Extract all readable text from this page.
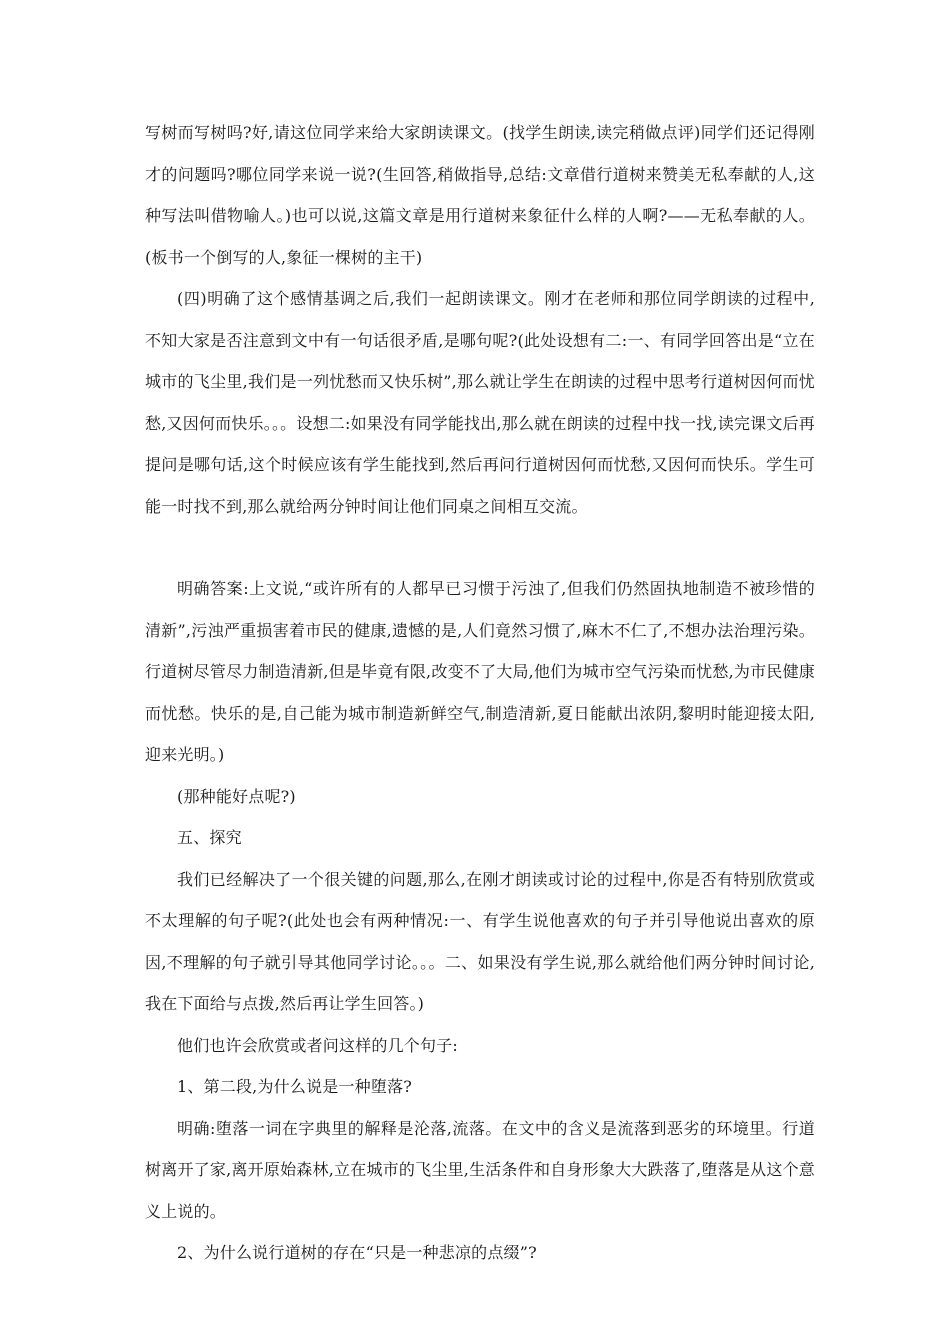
写树而写树吗?好,请这位同学来给大家朗读课文。(找学生朗读,读完稍做点评)同学们还记得刚才的问题吗?哪位同学来说一说?(生回答,稍做指导,总结:文章借行道树来赞美无私奉献的人,这种写法叫借物喻人。)也可以说,这篇文章是用行道树来象征什么样的人啊?——无私奉献的人。(板书一个倒写的人,象征一棵树的主干)

(四)明确了这个感情基调之后,我们一起朗读课文。刚才在老师和那位同学朗读的过程中,不知大家是否注意到文中有一句话很矛盾,是哪句呢?(此处设想有二:一、有同学回答出是“立在城市的飞尘里,我们是一列忧愁而又快乐树”,那么就让学生在朗读的过程中思考行道树因何而忧愁,又因何而快乐。。。设想二:如果没有同学能找出,那么就在朗读的过程中找一找,读完课文后再提问是哪句话,这个时候应该有学生能找到,然后再问行道树因何而忧愁,又因何而快乐。学生可能一时找不到,那么就给两分钟时间让他们同桌之间相互交流。

明确答案:上文说,“或许所有的人都早已习惯于污浊了,但我们仍然固执地制造不被珍惜的清新”,污浊严重损害着市民的健康,遗憾的是,人们竟然习惯了,麻木不仁了,不想办法治理污染。行道树尽管尽力制造清新,但是毕竟有限,改变不了大局,他们为城市空气污染而忧愁,为市民健康而忧愁。快乐的是,自己能为城市制造新鲜空气,制造清新,夏日能献出浓阴,黎明时能迎接太阳,迎来光明。)

(那种能好点呢?)

五、探究

我们已经解决了一个很关键的问题,那么,在刚才朗读或讨论的过程中,你是否有特别欣赏或不太理解的句子呢?(此处也会有两种情况:一、有学生说他喜欢的句子并引导他说出喜欢的原因,不理解的句子就引导其他同学讨论。。。二、如果没有学生说,那么就给他们两分钟时间讨论,我在下面给与点拨,然后再让学生回答。)

他们也许会欣赏或者问这样的几个句子:

1、第二段,为什么说是一种堕落?

明确:堕落一词在字典里的解释是沦落,流落。在文中的含义是流落到恶劣的环境里。行道树离开了家,离开原始森林,立在城市的飞尘里,生活条件和自身形象大大跌落了,堕落是从这个意义上说的。

2、为什么说行道树的存在“只是一种悲凉的点缀”?
